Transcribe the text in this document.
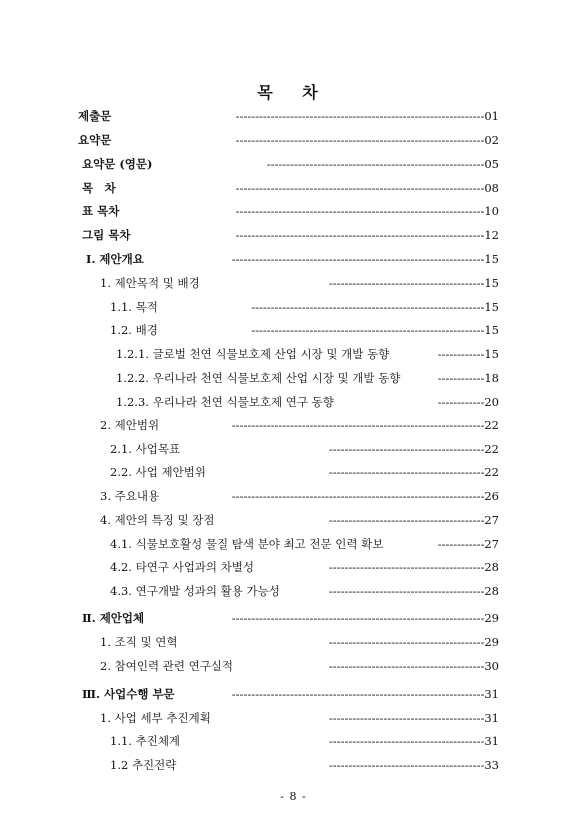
목 차
제출문	----------------------------------------------------------------01
요약문	----------------------------------------------------------------02
요약문 (영문)	--------------------------------------------------------05
목　차	----------------------------------------------------------------08
표 목차	----------------------------------------------------------------10
그림 목차	----------------------------------------------------------------12
Ⅰ. 제안개요	-----------------------------------------------------------------15
1. 제안목적 및 배경	----------------------------------------15
1.1. 목적	------------------------------------------------------------15
1.2. 배경	------------------------------------------------------------15
1.2.1. 글로벌 천연 식물보호제 산업 시장 및 개발 동향	------------15
1.2.2. 우리나라 천연 식물보호제 산업 시장 및 개발 동향	------------18
1.2.3. 우리나라 천연 식물보호제 연구 동향	------------20
2. 제안범위	-----------------------------------------------------------------22
2.1. 사업목표	----------------------------------------22
2.2. 사업 제안범위	----------------------------------------22
3. 주요내용	-----------------------------------------------------------------26
4. 제안의 특징 및 장점	----------------------------------------27
4.1. 식물보호활성 물질 탐색 분야 최고 전문 인력 확보	------------27
4.2. 타연구 사업과의 차별성	----------------------------------------28
4.3. 연구개발 성과의 활용 가능성	----------------------------------------28
Ⅱ. 제안업체	-----------------------------------------------------------------29
1. 조직 및 연혁	----------------------------------------29
2. 참여인력 관련 연구실적	----------------------------------------30
Ⅲ. 사업수행 부문	-----------------------------------------------------------------31
1. 사업 세부 추진계획	----------------------------------------31
1.1. 추진체계	----------------------------------------31
1.2 추진전략	----------------------------------------33
- 8 -
